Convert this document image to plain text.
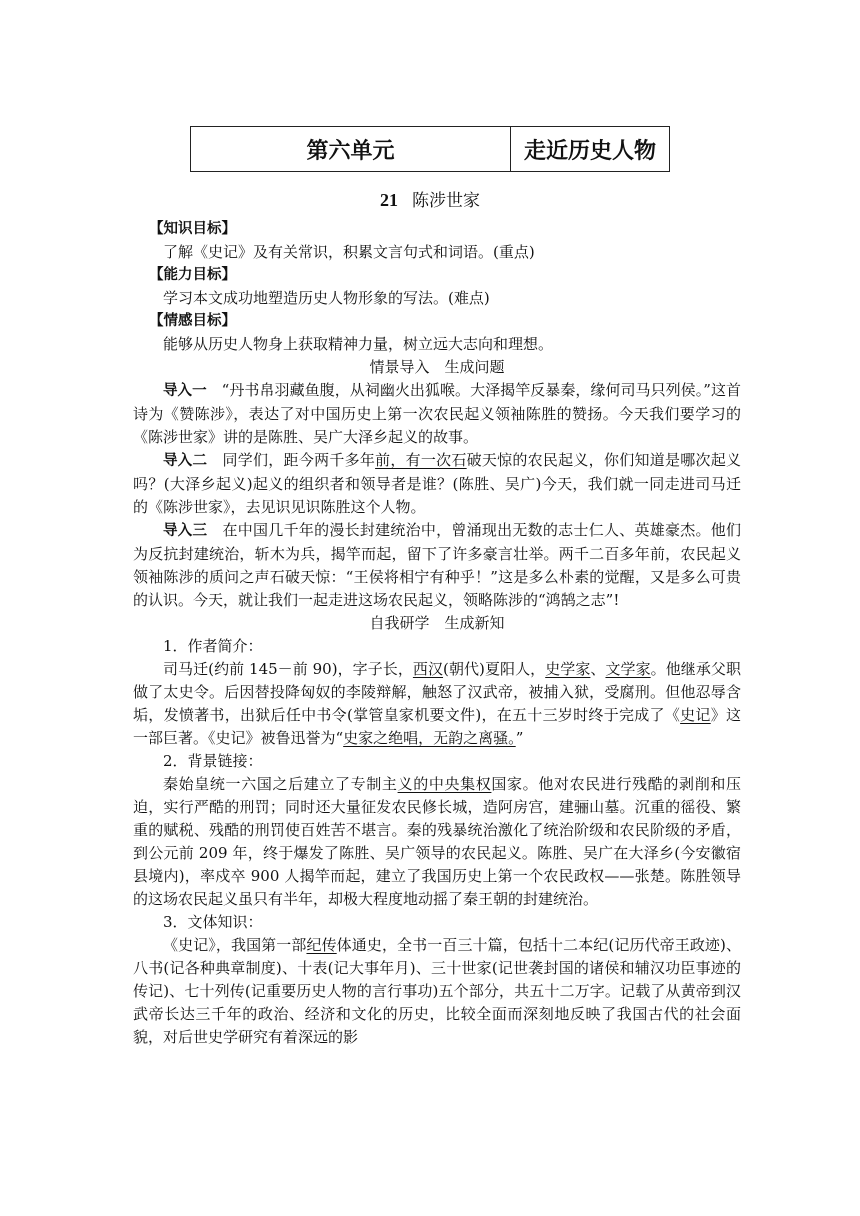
第六单元	走近历史人物
21 陈涉世家

【知识目标】

了解《史记》及有关常识，积累文言句式和词语。(重点)

【能力目标】

学习本文成功地塑造历史人物形象的写法。(难点)

【情感目标】

能够从历史人物身上获取精神力量，树立远大志向和理想。

情景导入　生成问题

导入一　“丹书帛羽藏鱼腹，从祠幽火出狐喉。大泽揭竿反暴秦，缘何司马只列侯。”这首诗为《赞陈涉》，表达了对中国历史上第一次农民起义领袖陈胜的赞扬。今天我们要学习的《陈涉世家》讲的是陈胜、吴广大泽乡起义的故事。

导入二　同学们，距今两千多年前，有一次石破天惊的农民起义，你们知道是哪次起义吗？(大泽乡起义)起义的组织者和领导者是谁？(陈胜、吴广)今天，我们就一同走进司马迁的《陈涉世家》，去见识见识陈胜这个人物。

导入三　在中国几千年的漫长封建统治中，曾涌现出无数的志士仁人、英雄豪杰。他们为反抗封建统治，斩木为兵，揭竿而起，留下了许多豪言壮举。两千二百多年前，农民起义领袖陈涉的质问之声石破天惊：“王侯将相宁有种乎！”这是多么朴素的觉醒，又是多么可贵的认识。今天，就让我们一起走进这场农民起义，领略陈涉的“鸿鹄之志”!

自我研学　生成新知

1．作者简介：

司马迁(约前 145－前 90)，字子长，西汉(朝代)夏阳人，史学家、文学家。他继承父职做了太史令。后因替投降匈奴的李陵辩解，触怒了汉武帝，被捕入狱，受腐刑。但他忍辱含垢，发愤著书，出狱后任中书令(掌管皇家机要文件)，在五十三岁时终于完成了《史记》这一部巨著。《史记》被鲁迅誉为“史家之绝唱，无韵之离骚。”

2．背景链接：

秦始皇统一六国之后建立了专制主义的中央集权国家。他对农民进行残酷的剥削和压迫，实行严酷的刑罚；同时还大量征发农民修长城，造阿房宫，建骊山墓。沉重的徭役、繁重的赋税、残酷的刑罚使百姓苦不堪言。秦的残暴统治激化了统治阶级和农民阶级的矛盾，到公元前 209 年，终于爆发了陈胜、吴广领导的农民起义。陈胜、吴广在大泽乡(今安徽宿县境内)，率戍卒 900 人揭竿而起，建立了我国历史上第一个农民政权——张楚。陈胜领导的这场农民起义虽只有半年，却极大程度地动摇了秦王朝的封建统治。

3．文体知识：

《史记》，我国第一部纪传体通史，全书一百三十篇，包括十二本纪(记历代帝王政迹)、八书(记各种典章制度)、十表(记大事年月)、三十世家(记世袭封国的诸侯和辅汉功臣事迹的传记)、七十列传(记重要历史人物的言行事功)五个部分，共五十二万字。记载了从黄帝到汉武帝长达三千年的政治、经济和文化的历史，比较全面而深刻地反映了我国古代的社会面貌，对后世史学研究有着深远的影
